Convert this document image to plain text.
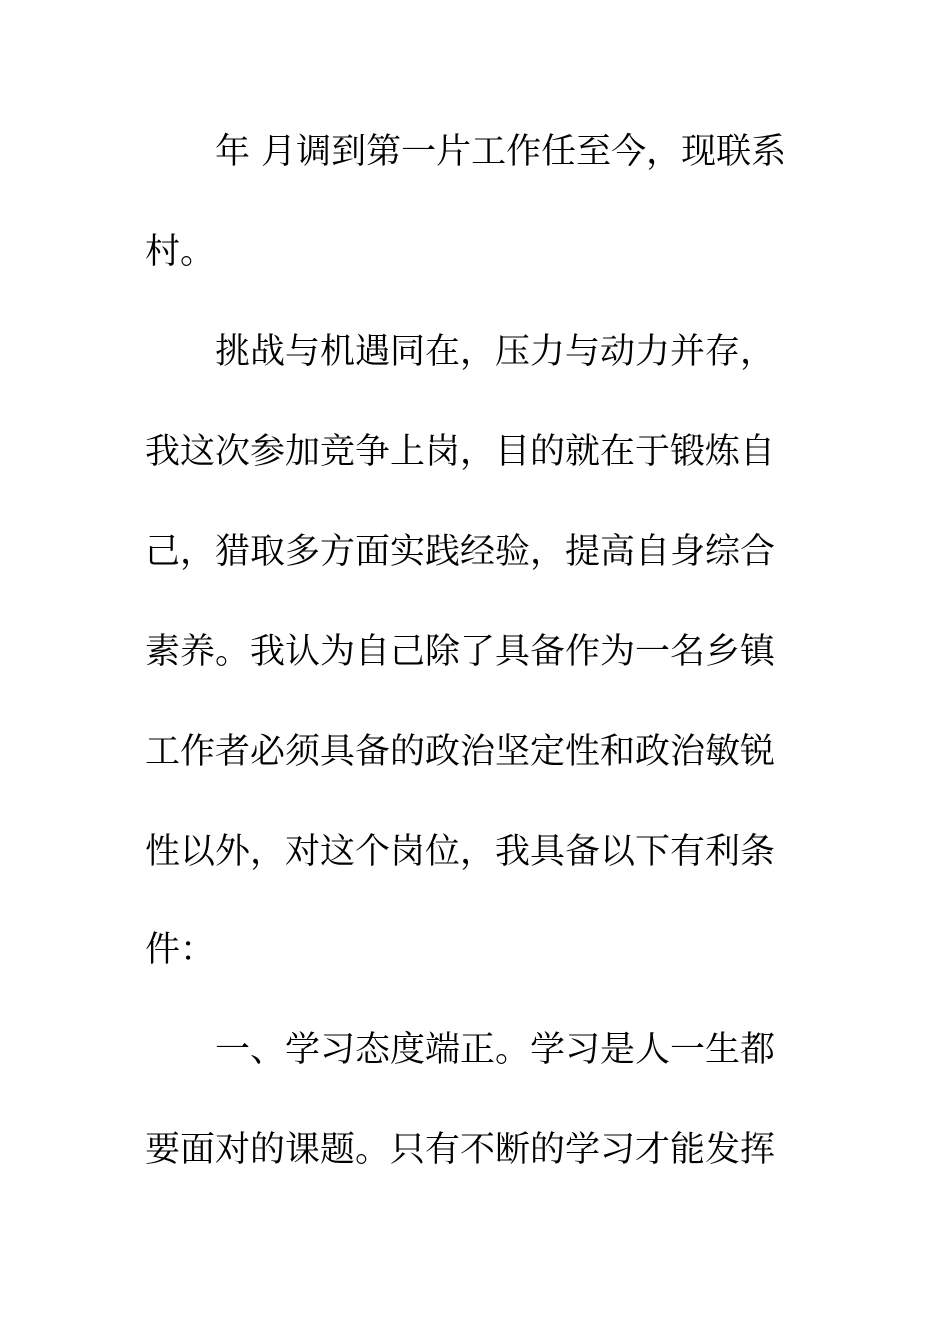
年 月调到第一片工作任至今，现联系

村。

挑战与机遇同在，压力与动力并存，

我这次参加竞争上岗，目的就在于锻炼自

己，猎取多方面实践经验，提高自身综合

素养。我认为自己除了具备作为一名乡镇

工作者必须具备的政治坚定性和政治敏锐

性以外，对这个岗位，我具备以下有利条

件：

一、学习态度端正。学习是人一生都

要面对的课题。只有不断的学习才能发挥
